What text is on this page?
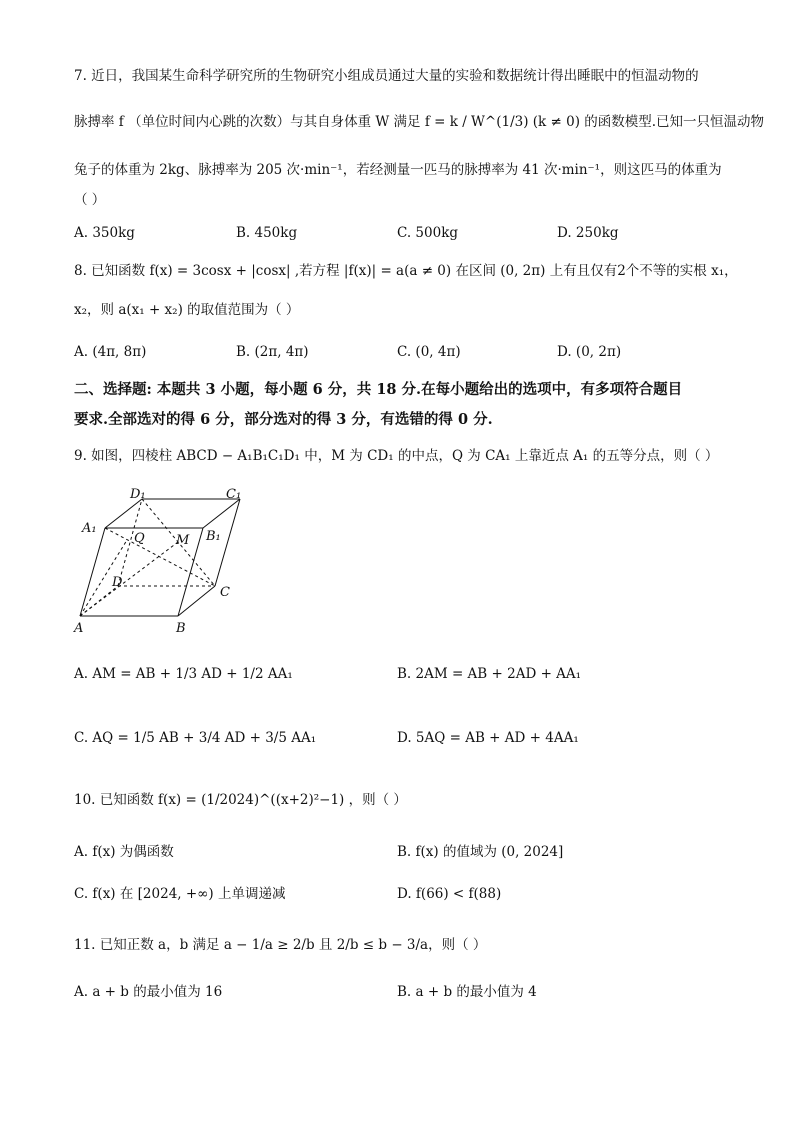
7. 近日，我国某生命科学研究所的生物研究小组成员通过大量的实验和数据统计得出睡眠中的恒温动物的
脉搏率 f （单位时间内心跳的次数）与其自身体重 W 满足 f = k / W^(1/3) (k ≠ 0) 的函数模型.已知一只恒温动物
兔子的体重为 2kg、脉搏率为 205 次·min⁻¹，若经测量一匹马的脉搏率为 41 次·min⁻¹，则这匹马的体重为
（ ）
A. 350kg	B. 450kg	C. 500kg	D. 250kg
8. 已知函数 f(x) = 3cosx + |cosx| ,若方程 |f(x)| = a(a ≠ 0) 在区间 (0, 2π) 上有且仅有2个不等的实根 x₁，
x₂，则 a(x₁ + x₂) 的取值范围为（ ）
A. (4π, 8π)	B. (2π, 4π)	C. (0, 4π)	D. (0, 2π)
二、选择题: 本题共 3 小题，每小题 6 分，共 18 分.在每小题给出的选项中，有多项符合题目
要求.全部选对的得 6 分，部分选对的得 3 分，有选错的得 0 分.
9. 如图，四棱柱 ABCD − A₁B₁C₁D₁ 中，M 为 CD₁ 的中点，Q 为 CA₁ 上靠近点 A₁ 的五等分点，则（ ）
D₁	C₁
A₁
B₁
Q M
D
C
A	B
A. AM = AB + 1/3 AD + 1/2 AA₁	B. 2AM = AB + 2AD + AA₁
C. AQ = 1/5 AB + 3/4 AD + 3/5 AA₁	D. 5AQ = AB + AD + 4AA₁
10. 已知函数 f(x) = (1/2024)^((x+2)²−1) ，则（ ）
A. f(x) 为偶函数	B. f(x) 的值域为 (0, 2024]
C. f(x) 在 [2024, +∞) 上单调递减	D. f(66) < f(88)
11. 已知正数 a，b 满足 a − 1/a ≥ 2/b 且 2/b ≤ b − 3/a，则（ ）
A. a + b 的最小值为 16	B. a + b 的最小值为 4
